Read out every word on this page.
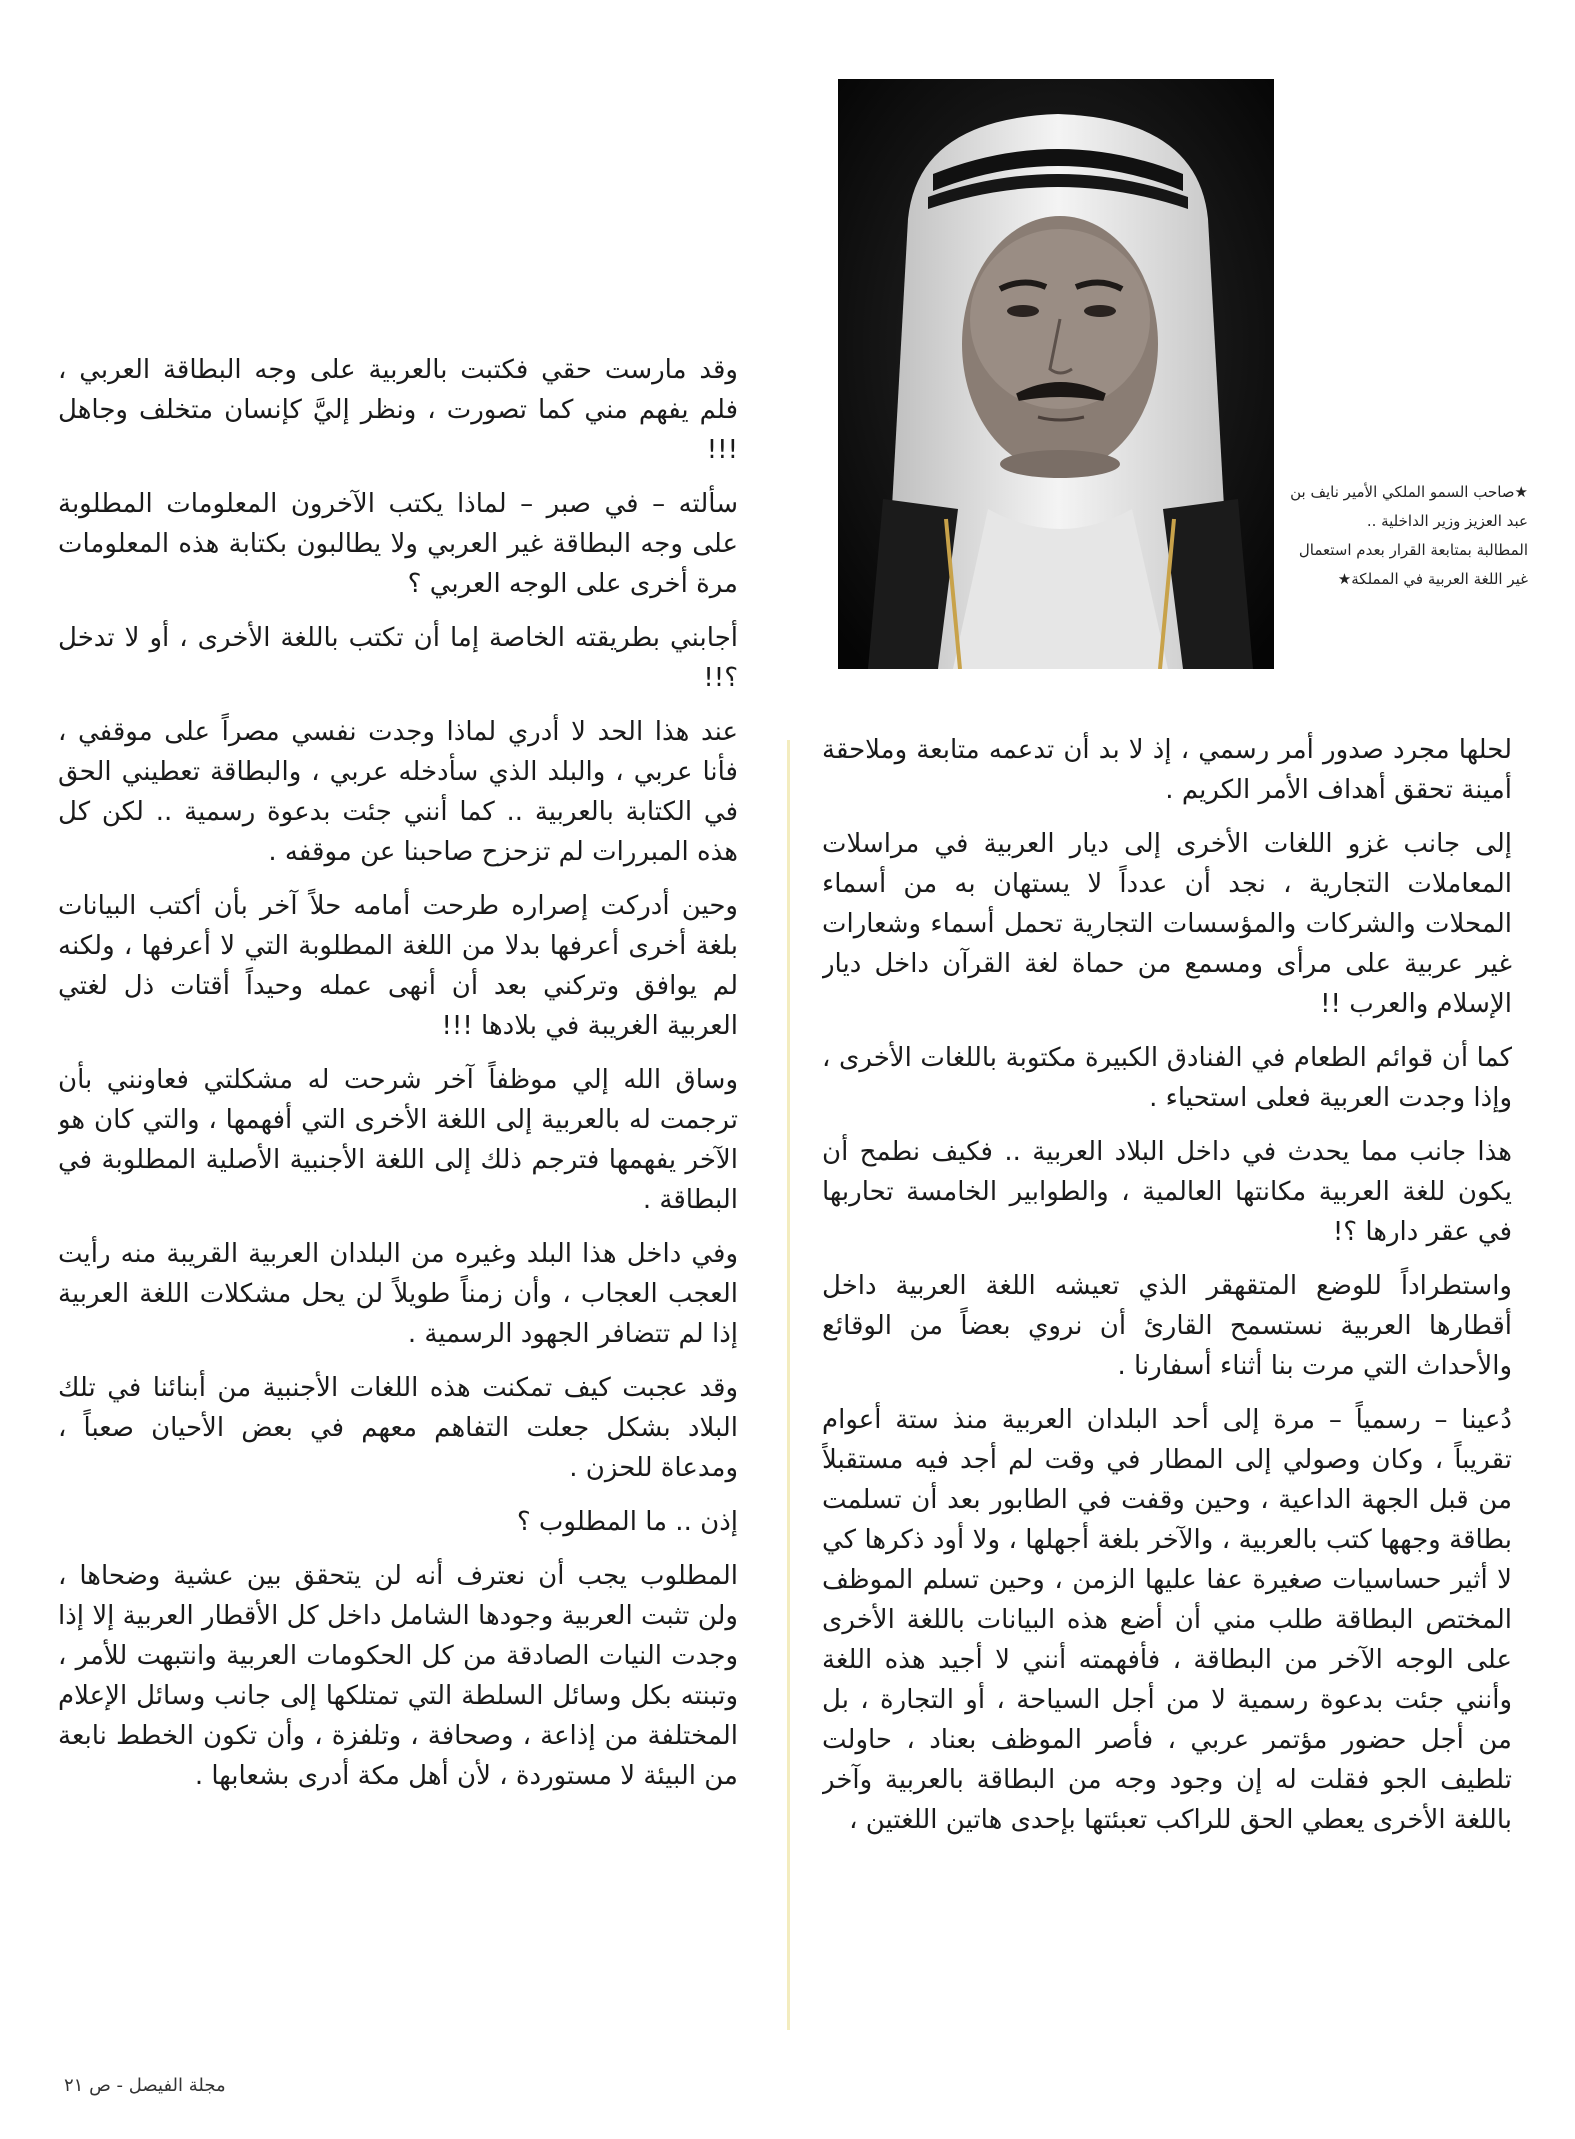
★صاحب السمو الملكي الأمير نايف بن عبد العزيز وزير الداخلية ..

المطالبة بمتابعة القرار بعدم استعمال غير اللغة العربية في المملكة★

وقد مارست حقي فكتبت بالعربية على وجه البطاقة العربي ، فلم يفهم مني كما تصورت ، ونظر إليَّ كإنسان متخلف وجاهل !!!

سألته – في صبر – لماذا يكتب الآخرون المعلومات المطلوبة على وجه البطاقة غير العربي ولا يطالبون بكتابة هذه المعلومات مرة أخرى على الوجه العربي ؟

أجابني بطريقته الخاصة إما أن تكتب باللغة الأخرى ، أو لا تدخل ؟!!

عند هذا الحد لا أدري لماذا وجدت نفسي مصراً على موقفي ، فأنا عربي ، والبلد الذي سأدخله عربي ، والبطاقة تعطيني الحق في الكتابة بالعربية .. كما أنني جئت بدعوة رسمية .. لكن كل هذه المبررات لم تزحزح صاحبنا عن موقفه .

وحين أدركت إصراره طرحت أمامه حلاً آخر بأن أكتب البيانات بلغة أخرى أعرفها بدلا من اللغة المطلوبة التي لا أعرفها ، ولكنه لم يوافق وتركني بعد أن أنهى عمله وحيداً أقتات ذل لغتي العربية الغريبة في بلادها !!!

وساق الله إلي موظفاً آخر شرحت له مشكلتي فعاونني بأن ترجمت له بالعربية إلى اللغة الأخرى التي أفهمها ، والتي كان هو الآخر يفهمها فترجم ذلك إلى اللغة الأجنبية الأصلية المطلوبة في البطاقة .

وفي داخل هذا البلد وغيره من البلدان العربية القريبة منه رأيت العجب العجاب ، وأن زمناً طويلاً لن يحل مشكلات اللغة العربية إذا لم تتضافر الجهود الرسمية .

وقد عجبت كيف تمكنت هذه اللغات الأجنبية من أبنائنا في تلك البلاد بشكل جعلت التفاهم معهم في بعض الأحيان صعباً ، ومدعاة للحزن .

إذن .. ما المطلوب ؟

المطلوب يجب أن نعترف أنه لن يتحقق بين عشية وضحاها ، ولن تثبت العربية وجودها الشامل داخل كل الأقطار العربية إلا إذا وجدت النيات الصادقة من كل الحكومات العربية وانتبهت للأمر ، وتبنته بكل وسائل السلطة التي تمتلكها إلى جانب وسائل الإعلام المختلفة من إذاعة ، وصحافة ، وتلفزة ، وأن تكون الخطط نابعة من البيئة لا مستوردة ، لأن أهل مكة أدرى بشعابها .

لحلها مجرد صدور أمر رسمي ، إذ لا بد أن تدعمه متابعة وملاحقة أمينة تحقق أهداف الأمر الكريم .

إلى جانب غزو اللغات الأخرى إلى ديار العربية في مراسلات المعاملات التجارية ، نجد أن عدداً لا يستهان به من أسماء المحلات والشركات والمؤسسات التجارية تحمل أسماء وشعارات غير عربية على مرأى ومسمع من حماة لغة القرآن داخل ديار الإسلام والعرب !!

كما أن قوائم الطعام في الفنادق الكبيرة مكتوبة باللغات الأخرى ، وإذا وجدت العربية فعلى استحياء .

هذا جانب مما يحدث في داخل البلاد العربية .. فكيف نطمح أن يكون للغة العربية مكانتها العالمية ، والطوابير الخامسة تحاربها في عقر دارها ؟!

واستطراداً للوضع المتقهقر الذي تعيشه اللغة العربية داخل أقطارها العربية نستسمح القارئ أن نروي بعضاً من الوقائع والأحداث التي مرت بنا أثناء أسفارنا .

دُعينا – رسمياً – مرة إلى أحد البلدان العربية منذ ستة أعوام تقريباً ، وكان وصولي إلى المطار في وقت لم أجد فيه مستقبلاً من قبل الجهة الداعية ، وحين وقفت في الطابور بعد أن تسلمت بطاقة وجهها كتب بالعربية ، والآخر بلغة أجهلها ، ولا أود ذكرها كي لا أثير حساسيات صغيرة عفا عليها الزمن ، وحين تسلم الموظف المختص البطاقة طلب مني أن أضع هذه البيانات باللغة الأخرى على الوجه الآخر من البطاقة ، فأفهمته أنني لا أجيد هذه اللغة وأنني جئت بدعوة رسمية لا من أجل السياحة ، أو التجارة ، بل من أجل حضور مؤتمر عربي ، فأصر الموظف بعناد ، حاولت تلطيف الجو فقلت له إن وجود وجه من البطاقة بالعربية وآخر باللغة الأخرى يعطي الحق للراكب تعبئتها بإحدى هاتين اللغتين ،

مجلة الفيصل - ص ٢١
